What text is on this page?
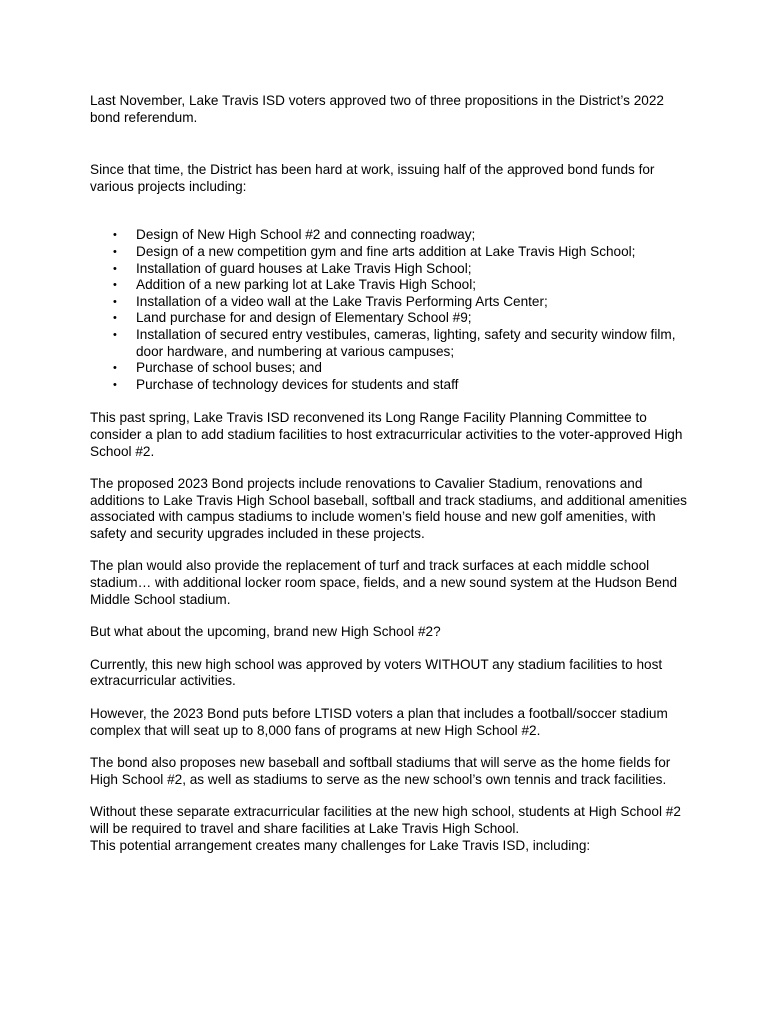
Last November, Lake Travis ISD voters approved two of three propositions in the District’s 2022 bond referendum.

Since that time, the District has been hard at work, issuing half of the approved bond funds for various projects including:

• Design of New High School #2 and connecting roadway;
• Design of a new competition gym and fine arts addition at Lake Travis High School;
• Installation of guard houses at Lake Travis High School;
• Addition of a new parking lot at Lake Travis High School;
• Installation of a video wall at the Lake Travis Performing Arts Center;
• Land purchase for and design of Elementary School #9;
• Installation of secured entry vestibules, cameras, lighting, safety and security window film, door hardware, and numbering at various campuses;
• Purchase of school buses; and
• Purchase of technology devices for students and staff

This past spring, Lake Travis ISD reconvened its Long Range Facility Planning Committee to consider a plan to add stadium facilities to host extracurricular activities to the voter-approved High School #2.

The proposed 2023 Bond projects include renovations to Cavalier Stadium, renovations and additions to Lake Travis High School baseball, softball and track stadiums, and additional amenities associated with campus stadiums to include women’s field house and new golf amenities, with safety and security upgrades included in these projects.

The plan would also provide the replacement of turf and track surfaces at each middle school stadium… with additional locker room space, fields, and a new sound system at the Hudson Bend Middle School stadium.

But what about the upcoming, brand new High School #2?

Currently, this new high school was approved by voters WITHOUT any stadium facilities to host extracurricular activities.

However, the 2023 Bond puts before LTISD voters a plan that includes a football/soccer stadium complex that will seat up to 8,000 fans of programs at new High School #2.

The bond also proposes new baseball and softball stadiums that will serve as the home fields for High School #2, as well as stadiums to serve as the new school’s own tennis and track facilities.

Without these separate extracurricular facilities at the new high school, students at High School #2 will be required to travel and share facilities at Lake Travis High School.

This potential arrangement creates many challenges for Lake Travis ISD, including:
